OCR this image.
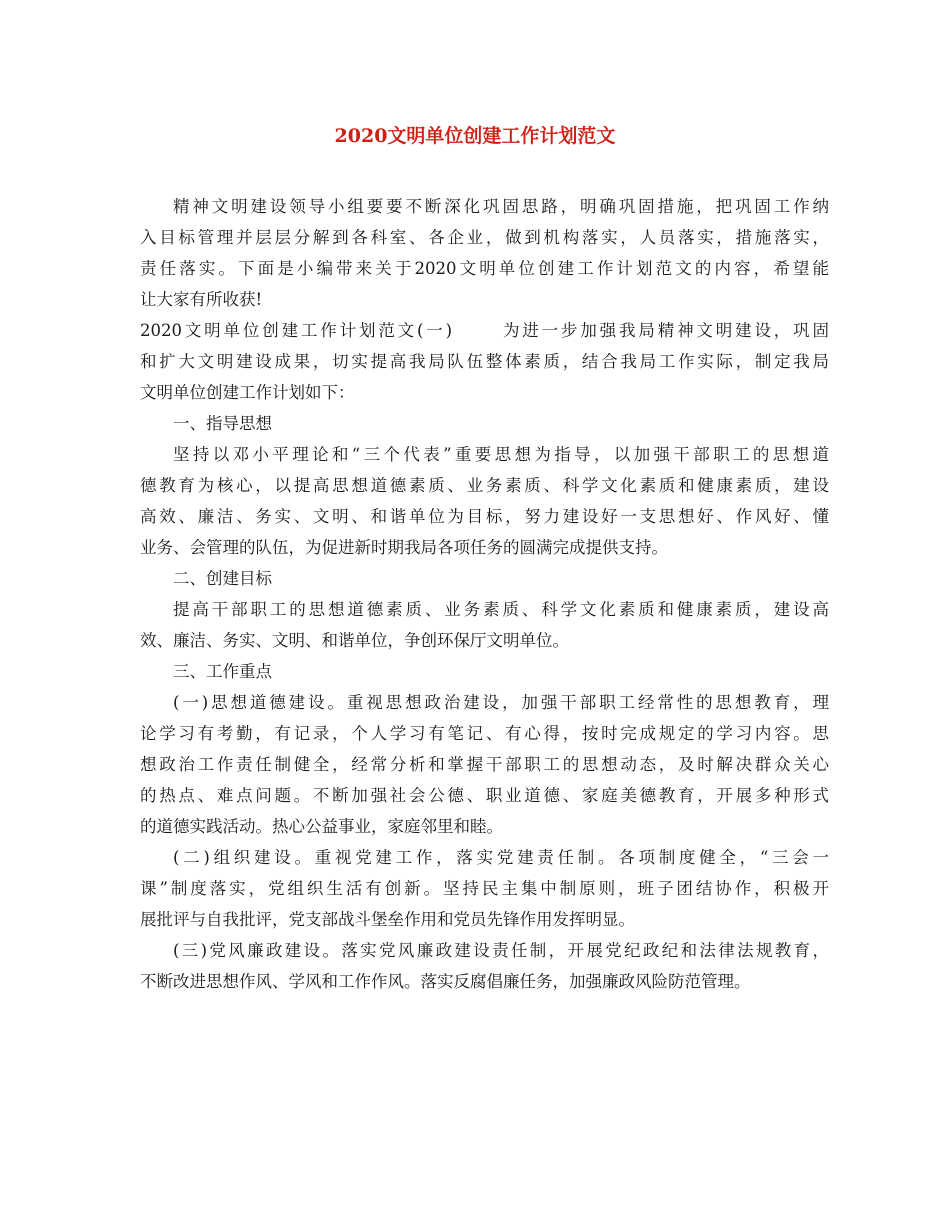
2020文明单位创建工作计划范文
精神文明建设领导小组要要不断深化巩固思路，明确巩固措施，把巩固工作纳
入目标管理并层层分解到各科室、各企业，做到机构落实，人员落实，措施落实，
责任落实。下面是小编带来关于2020文明单位创建工作计划范文的内容，希望能
让大家有所收获!
2020文明单位创建工作计划范文(一)	为进一步加强我局精神文明建设，巩固
和扩大文明建设成果，切实提高我局队伍整体素质，结合我局工作实际，制定我局
文明单位创建工作计划如下：
一、指导思想
坚持以邓小平理论和“三个代表”重要思想为指导，以加强干部职工的思想道
德教育为核心，以提高思想道德素质、业务素质、科学文化素质和健康素质，建设
高效、廉洁、务实、文明、和谐单位为目标，努力建设好一支思想好、作风好、懂
业务、会管理的队伍，为促进新时期我局各项任务的圆满完成提供支持。
二、创建目标
提高干部职工的思想道德素质、业务素质、科学文化素质和健康素质，建设高
效、廉洁、务实、文明、和谐单位，争创环保厅文明单位。
三、工作重点
(一)思想道德建设。重视思想政治建设，加强干部职工经常性的思想教育，理
论学习有考勤，有记录，个人学习有笔记、有心得，按时完成规定的学习内容。思
想政治工作责任制健全，经常分析和掌握干部职工的思想动态，及时解决群众关心
的热点、难点问题。不断加强社会公德、职业道德、家庭美德教育，开展多种形式
的道德实践活动。热心公益事业，家庭邻里和睦。
(二)组织建设。重视党建工作，落实党建责任制。各项制度健全，“三会一
课”制度落实，党组织生活有创新。坚持民主集中制原则，班子团结协作，积极开
展批评与自我批评，党支部战斗堡垒作用和党员先锋作用发挥明显。
(三)党风廉政建设。落实党风廉政建设责任制，开展党纪政纪和法律法规教育，
不断改进思想作风、学风和工作作风。落实反腐倡廉任务，加强廉政风险防范管理。
